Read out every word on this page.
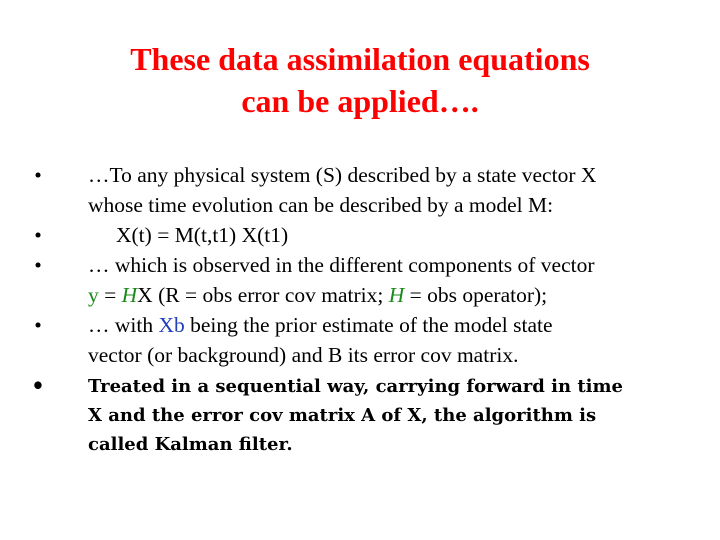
These data assimilation equations
can be applied….
• …To any physical system (S) described by a state vector X
whose time evolution can be described by a model M:
•	X(t) = M(t,t1) X(t1)
• … which is observed in the different components of vector
y = HX (R = obs error cov matrix; H = obs operator);
• … with Xb being the prior estimate of the model state
vector (or background) and B its error cov matrix.
• Treated in a sequential way, carrying forward in time
X and the error cov matrix A of X, the algorithm is
called Kalman filter.
